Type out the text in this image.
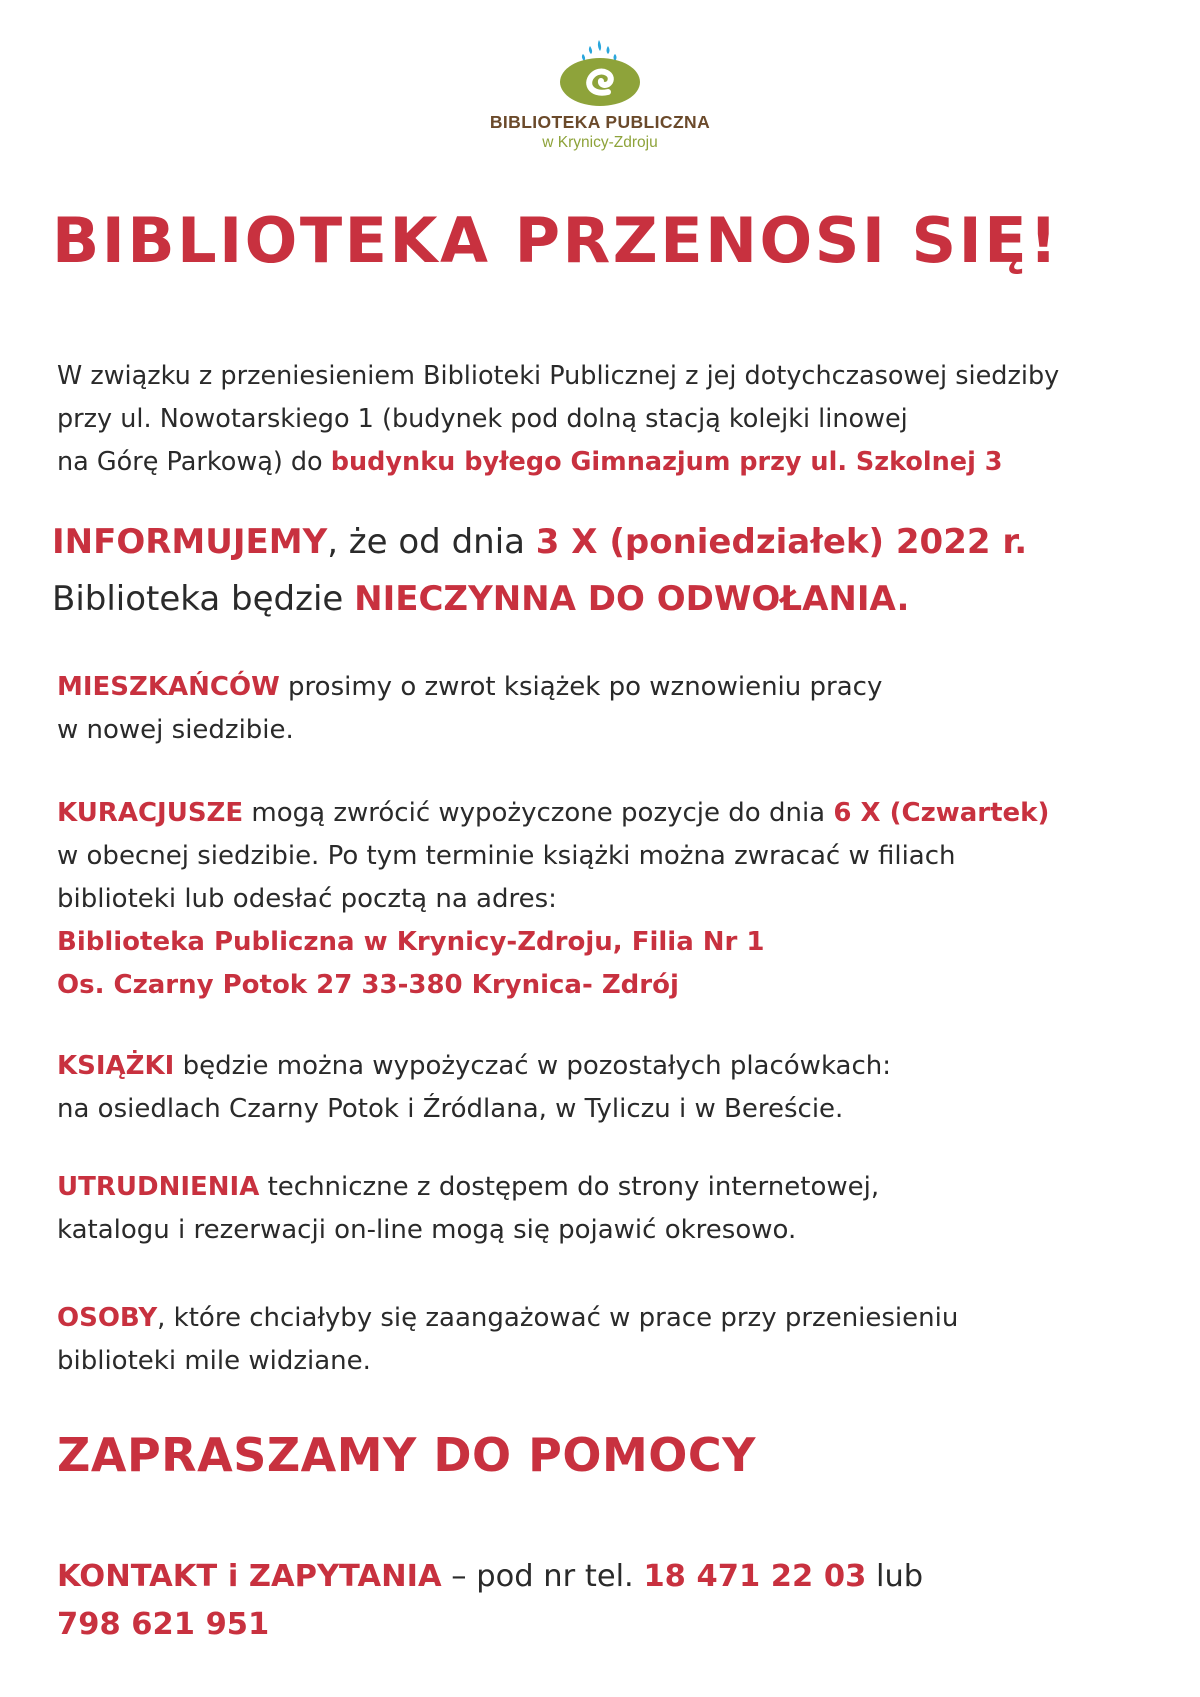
BIBLIOTEKA PUBLICZNA
w Krynicy-Zdroju
BIBLIOTEKA PRZENOSI SIĘ!
W związku z przeniesieniem Biblioteki Publicznej z jej dotychczasowej siedziby
przy ul. Nowotarskiego 1 (budynek pod dolną stacją kolejki linowej
na Górę Parkową) do budynku byłego Gimnazjum przy ul. Szkolnej 3
INFORMUJEMY, że od dnia 3 X (poniedziałek) 2022 r.
Biblioteka będzie NIECZYNNA DO ODWOŁANIA.
MIESZKAŃCÓW prosimy o zwrot książek po wznowieniu pracy
w nowej siedzibie.
KURACJUSZE mogą zwrócić wypożyczone pozycje do dnia 6 X (Czwartek)
w obecnej siedzibie. Po tym terminie książki można zwracać w filiach
biblioteki lub odesłać pocztą na adres:
Biblioteka Publiczna w Krynicy-Zdroju, Filia Nr 1
Os. Czarny Potok 27 33-380 Krynica- Zdrój
KSIĄŻKI będzie można wypożyczać w pozostałych placówkach:
na osiedlach Czarny Potok i Źródlana, w Tyliczu i w Bereście.
UTRUDNIENIA techniczne z dostępem do strony internetowej,
katalogu i rezerwacji on-line mogą się pojawić okresowo.
OSOBY, które chciałyby się zaangażować w prace przy przeniesieniu
biblioteki mile widziane.
ZAPRASZAMY DO POMOCY
KONTAKT i ZAPYTANIA – pod nr tel. 18 471 22 03 lub
798 621 951
